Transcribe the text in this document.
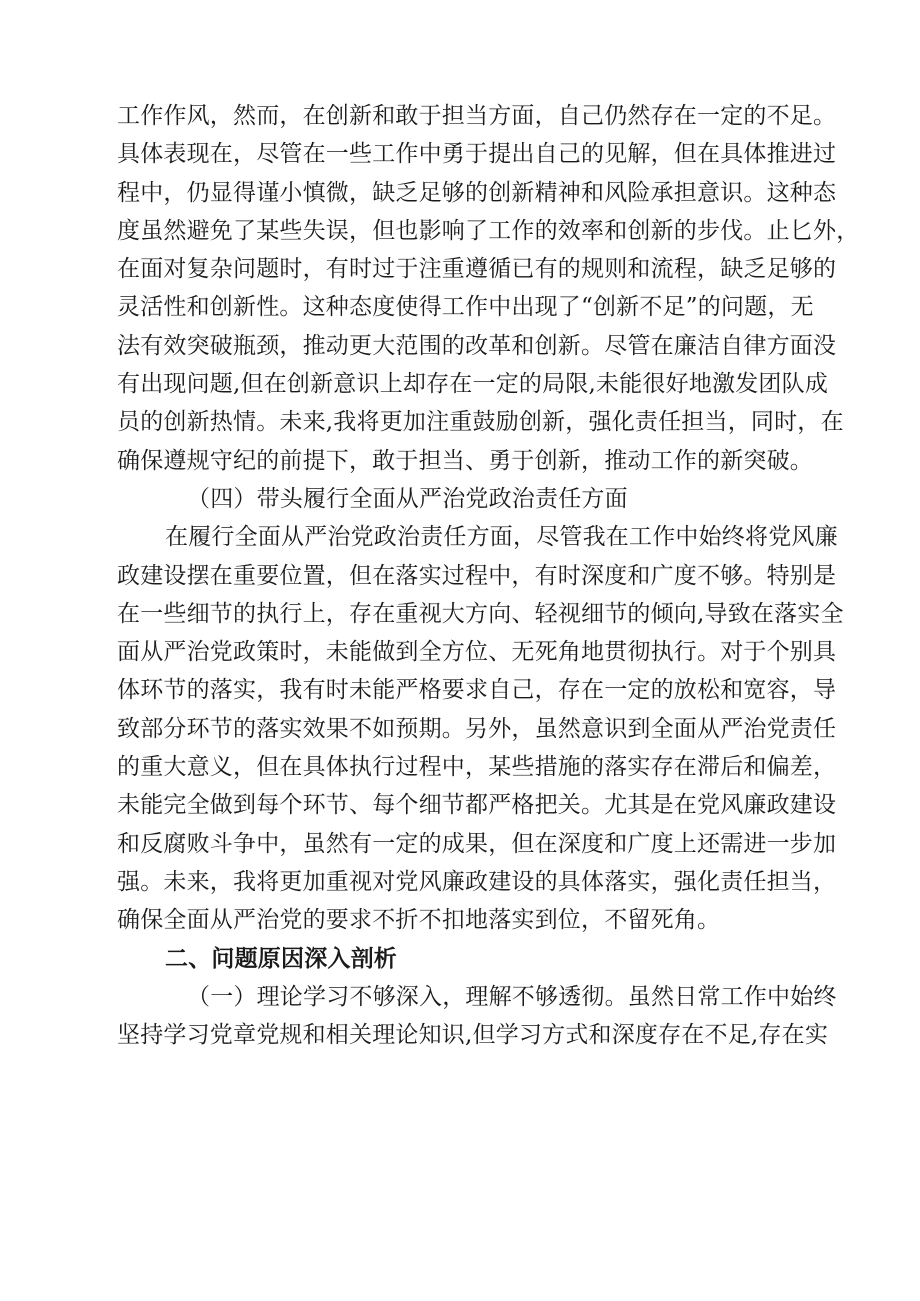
工作作风，然而，在创新和敢于担当方面，自己仍然存在一定的不足。
具体表现在，尽管在一些工作中勇于提出自己的见解，但在具体推进过
程中，仍显得谨小慎微，缺乏足够的创新精神和风险承担意识。这种态
度虽然避免了某些失误，但也影响了工作的效率和创新的步伐。止匕外，
在面对复杂问题时，有时过于注重遵循已有的规则和流程，缺乏足够的
灵活性和创新性。这种态度使得工作中出现了“创新不足”的问题，无
法有效突破瓶颈，推动更大范围的改革和创新。尽管在廉洁自律方面没
有出现问题,但在创新意识上却存在一定的局限,未能很好地激发团队成
员的创新热情。未来,我将更加注重鼓励创新，强化责任担当，同时，在
确保遵规守纪的前提下，敢于担当、勇于创新，推动工作的新突破。
（四）带头履行全面从严治党政治责任方面
在履行全面从严治党政治责任方面，尽管我在工作中始终将党风廉
政建设摆在重要位置，但在落实过程中，有时深度和广度不够。特别是
在一些细节的执行上，存在重视大方向、轻视细节的倾向,导致在落实全
面从严治党政策时，未能做到全方位、无死角地贯彻执行。对于个别具
体环节的落实，我有时未能严格要求自己，存在一定的放松和宽容，导
致部分环节的落实效果不如预期。另外，虽然意识到全面从严治党责任
的重大意义，但在具体执行过程中，某些措施的落实存在滞后和偏差，
未能完全做到每个环节、每个细节都严格把关。尤其是在党风廉政建设
和反腐败斗争中，虽然有一定的成果，但在深度和广度上还需进一步加
强。未来，我将更加重视对党风廉政建设的具体落实，强化责任担当，
确保全面从严治党的要求不折不扣地落实到位，不留死角。
二、问题原因深入剖析
（一）理论学习不够深入，理解不够透彻。虽然日常工作中始终
坚持学习党章党规和相关理论知识,但学习方式和深度存在不足,存在实
